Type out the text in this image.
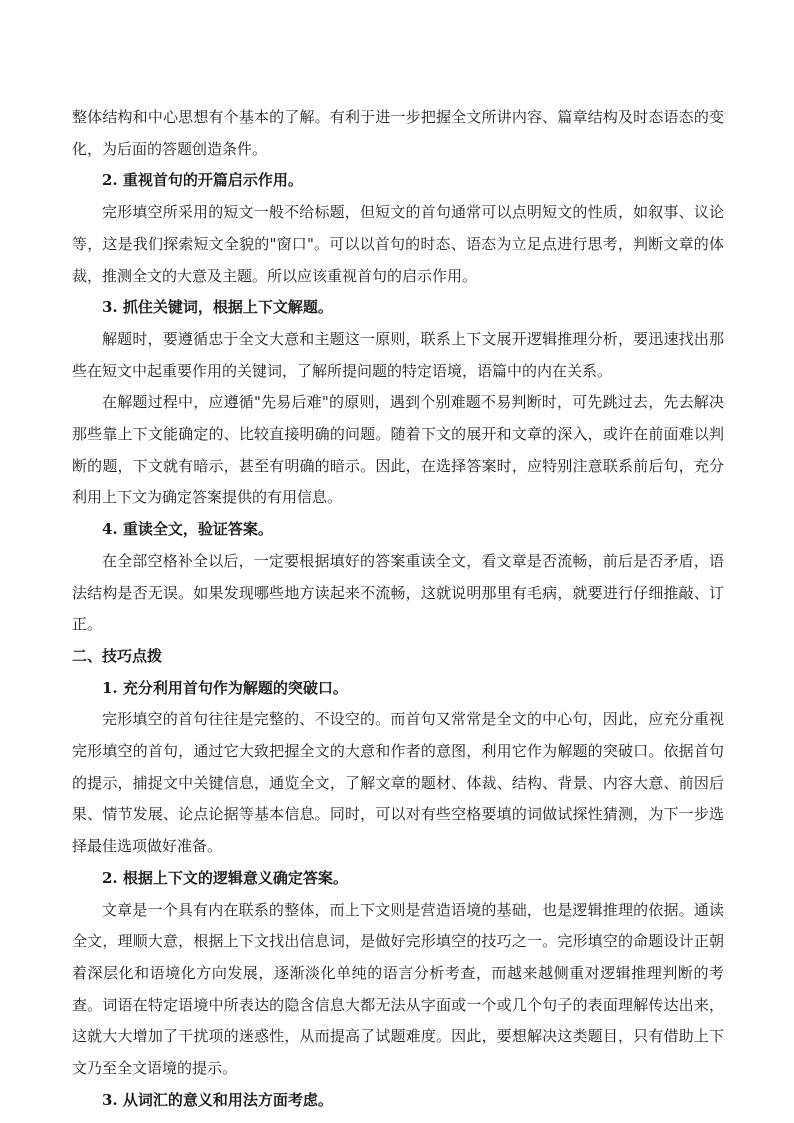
整体结构和中心思想有个基本的了解。有利于进一步把握全文所讲内容、篇章结构及时态语态的变化，为后面的答题创造条件。

2. 重视首句的开篇启示作用。

完形填空所采用的短文一般不给标题，但短文的首句通常可以点明短文的性质，如叙事、议论等，这是我们探索短文全貌的"窗口"。可以以首句的时态、语态为立足点进行思考，判断文章的体裁，推测全文的大意及主题。所以应该重视首句的启示作用。

3. 抓住关键词，根据上下文解题。

解题时，要遵循忠于全文大意和主题这一原则，联系上下文展开逻辑推理分析，要迅速找出那些在短文中起重要作用的关键词，了解所提问题的特定语境，语篇中的内在关系。

在解题过程中，应遵循"先易后难"的原则，遇到个别难题不易判断时，可先跳过去，先去解决那些靠上下文能确定的、比较直接明确的问题。随着下文的展开和文章的深入，或许在前面难以判断的题，下文就有暗示，甚至有明确的暗示。因此，在选择答案时，应特别注意联系前后句，充分利用上下文为确定答案提供的有用信息。

4. 重读全文，验证答案。

在全部空格补全以后，一定要根据填好的答案重读全文，看文章是否流畅，前后是否矛盾，语法结构是否无误。如果发现哪些地方读起来不流畅，这就说明那里有毛病，就要进行仔细推敲、订正。

二、技巧点拨

1. 充分利用首句作为解题的突破口。

完形填空的首句往往是完整的、不设空的。而首句又常常是全文的中心句，因此，应充分重视完形填空的首句，通过它大致把握全文的大意和作者的意图，利用它作为解题的突破口。依据首句的提示，捕捉文中关键信息，通览全文，了解文章的题材、体裁、结构、背景、内容大意、前因后果、情节发展、论点论据等基本信息。同时，可以对有些空格要填的词做试探性猜测，为下一步选择最佳选项做好准备。

2. 根据上下文的逻辑意义确定答案。

文章是一个具有内在联系的整体，而上下文则是营造语境的基础，也是逻辑推理的依据。通读全文，理顺大意，根据上下文找出信息词，是做好完形填空的技巧之一。完形填空的命题设计正朝着深层化和语境化方向发展，逐渐淡化单纯的语言分析考查，而越来越侧重对逻辑推理判断的考查。词语在特定语境中所表达的隐含信息大都无法从字面或一个或几个句子的表面理解传达出来，这就大大增加了干扰项的迷惑性，从而提高了试题难度。因此，要想解决这类题目，只有借助上下文乃至全文语境的提示。

3. 从词汇的意义和用法方面考虑。
